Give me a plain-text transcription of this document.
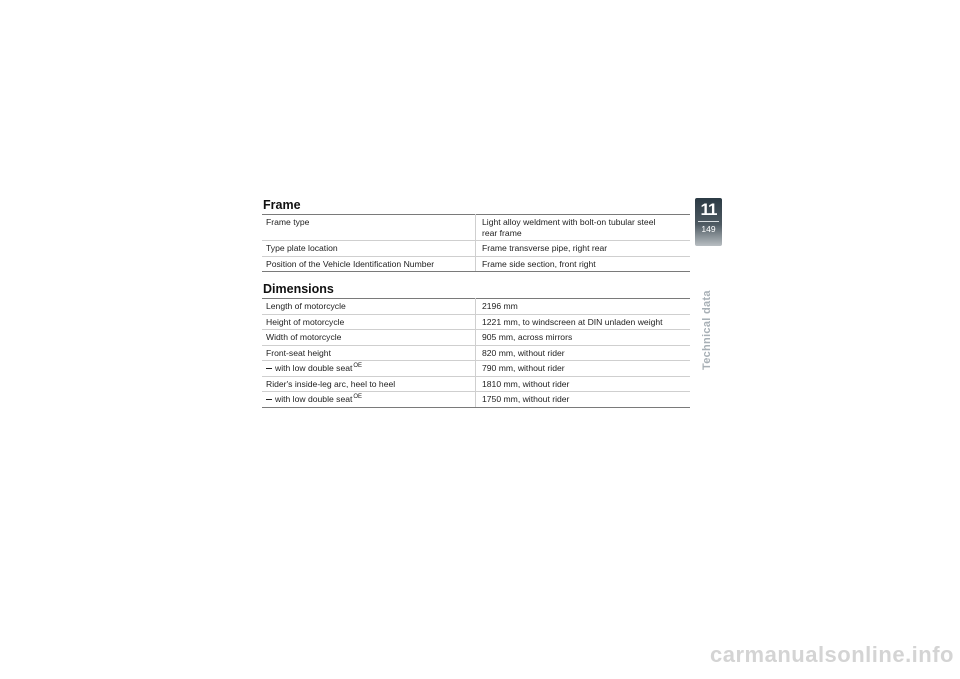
Frame
Frame type	Light alloy weldment with bolt-on tubular steel rear frame
Type plate location	Frame transverse pipe, right rear
Position of the Vehicle Identification Number	Frame side section, front right
Dimensions
Length of motorcycle	2196 mm
Height of motorcycle	1221 mm, to windscreen at DIN unladen weight
Width of motorcycle	905 mm, across mirrors
Front-seat height	820 mm, without rider
with low double seat$^{OE}$	790 mm, without rider
Rider's inside-leg arc, heel to heel	1810 mm, without rider
with low double seat$^{OE}$	1750 mm, without rider
11
149
Technical data
carmanualsonline.info
